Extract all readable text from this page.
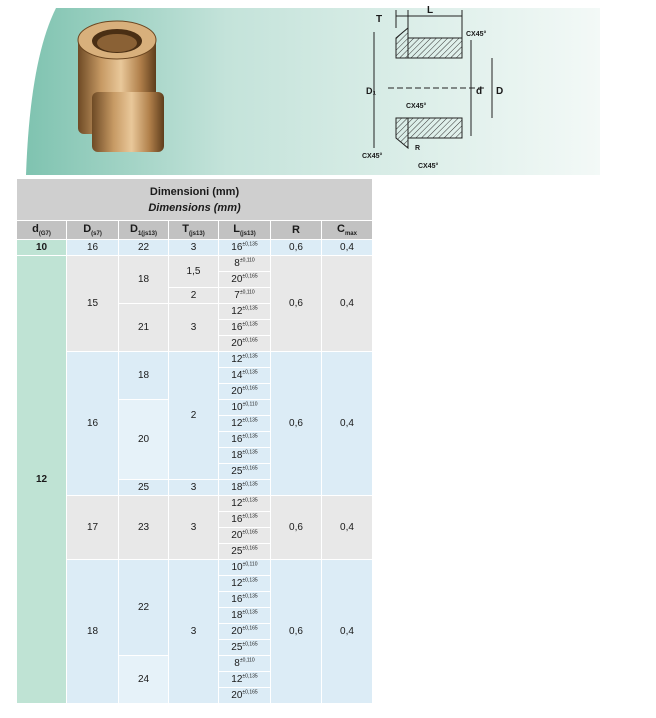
T
L
CX45°
D₁	d D
CX45°
R
CX45°
CX45°
Dimensioni (mm)
Dimensions (mm)						

$d_{(G7)}$	$D_{(s7)}$	$D_{1(js13)}$	$T_{(js13)}$	$L_{(js13)}$	R	$C_{max}$
10	16	22	3	$16^{\pm 0,135}$	0,6	0,4
12	15	18	1,5	$8^{\pm 0,110}$	0,6	0,4
				$20^{\pm 0,165}$
			2	$7^{\pm 0,110}$
		21	3	$12^{\pm 0,135}$
				$16^{\pm 0,135}$
				$20^{\pm 0,165}$
	16	18	2	$12^{\pm 0,135}$	0,6	0,4
				$14^{\pm 0,135}$
				$20^{\pm 0,165}$
		20		$10^{\pm 0,110}$
				$12^{\pm 0,135}$
				$16^{\pm 0,135}$
				$18^{\pm 0,135}$
				$25^{\pm 0,165}$
		25	3	$18^{\pm 0,135}$
	17	23	3	$12^{\pm 0,135}$	0,6	0,4
				$16^{\pm 0,135}$
				$20^{\pm 0,165}$
				$25^{\pm 0,165}$
	18	22	3	$10^{\pm 0,110}$	0,6	0,4
				$12^{\pm 0,135}$
				$16^{\pm 0,135}$
				$18^{\pm 0,135}$
				$20^{\pm 0,165}$
				$25^{\pm 0,165}$
		24		$8^{\pm 0,110}$
				$12^{\pm 0,135}$
				$20^{\pm 0,165}$
